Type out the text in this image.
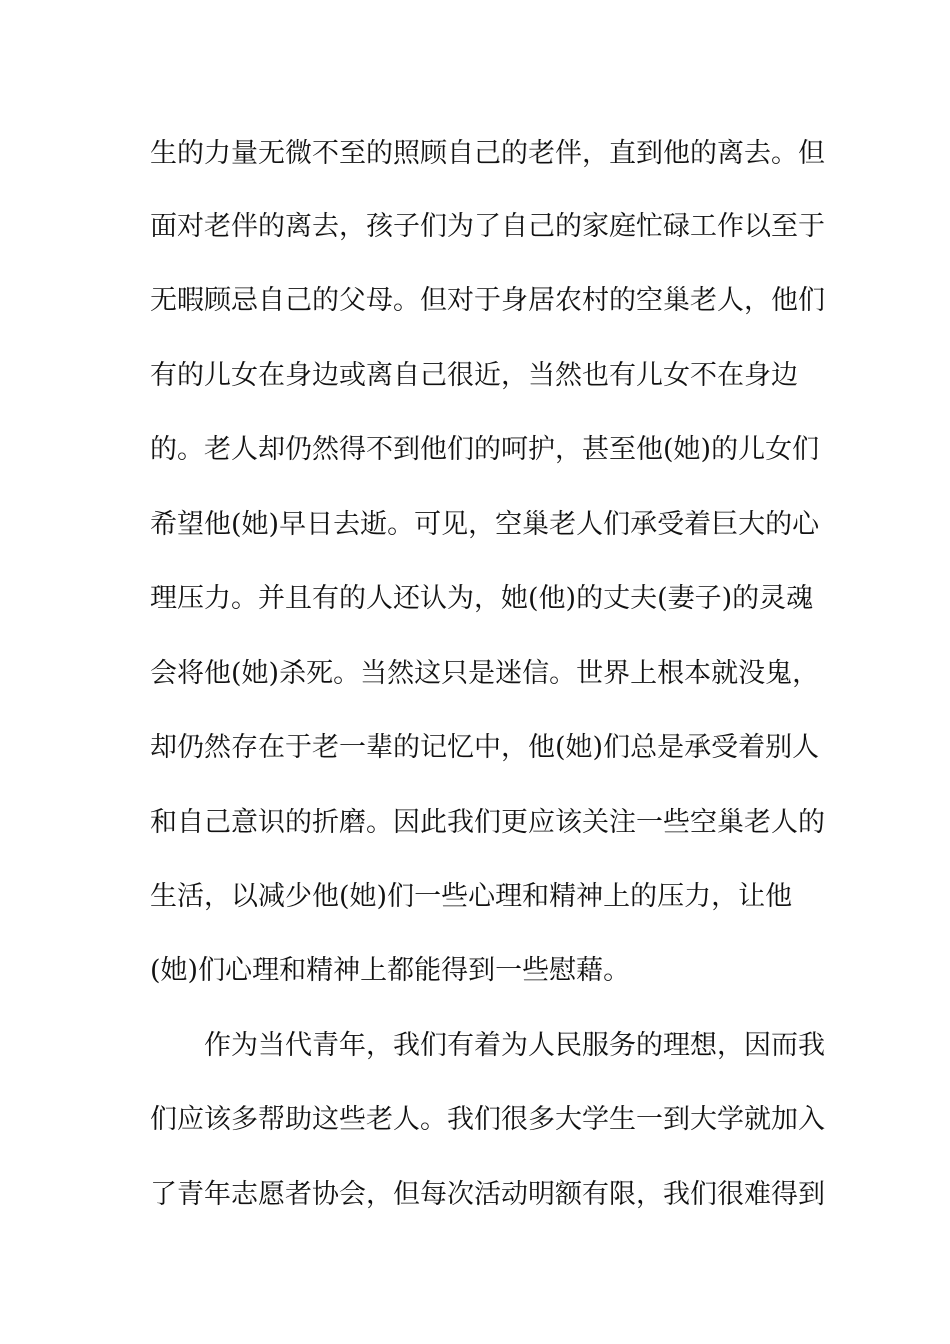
生的力量无微不至的照顾自己的老伴，直到他的离去。但
面对老伴的离去，孩子们为了自己的家庭忙碌工作以至于
无暇顾忌自己的父母。但对于身居农村的空巢老人，他们
有的儿女在身边或离自己很近，当然也有儿女不在身边
的。老人却仍然得不到他们的呵护，甚至他(她)的儿女们
希望他(她)早日去逝。可见，空巢老人们承受着巨大的心
理压力。并且有的人还认为，她(他)的丈夫(妻子)的灵魂
会将他(她)杀死。当然这只是迷信。世界上根本就没鬼，
却仍然存在于老一辈的记忆中，他(她)们总是承受着别人
和自己意识的折磨。因此我们更应该关注一些空巢老人的
生活，以减少他(她)们一些心理和精神上的压力，让他
(她)们心理和精神上都能得到一些慰藉。
作为当代青年，我们有着为人民服务的理想，因而我
们应该多帮助这些老人。我们很多大学生一到大学就加入
了青年志愿者协会，但每次活动明额有限，我们很难得到
